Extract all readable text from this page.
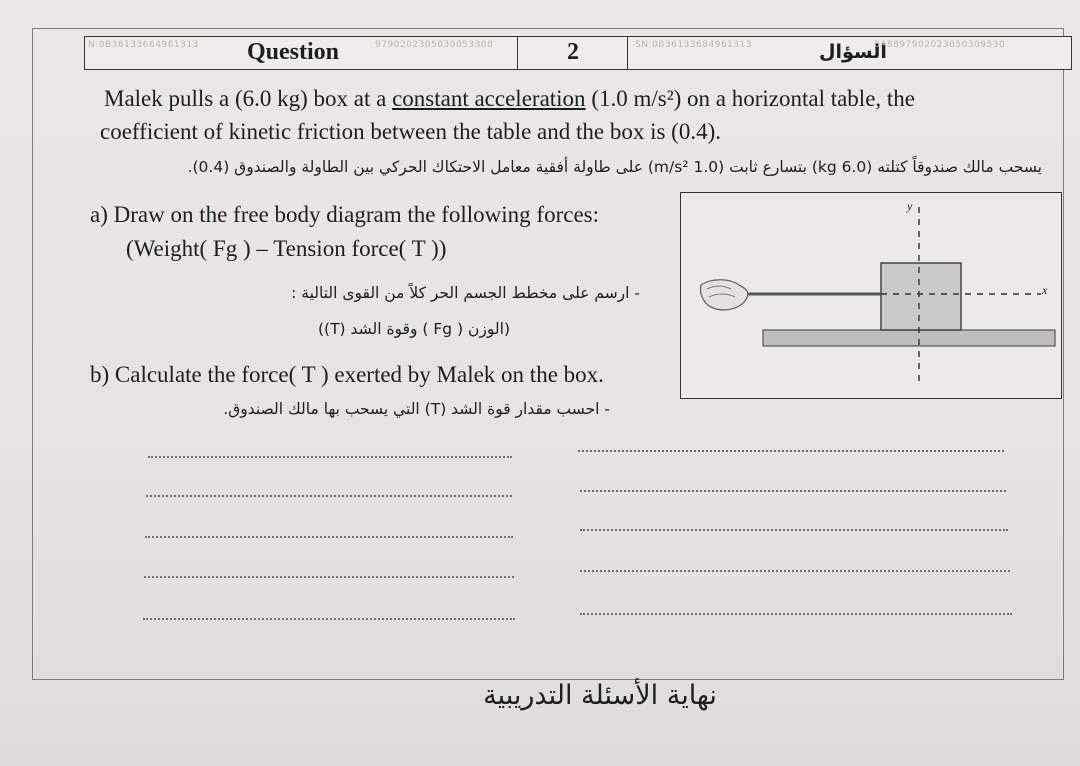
N:0B36133664961313	9790202305030053308
Question	2	SN:0B36133684961313	السؤال
6A8897902023050309530
Malek pulls a (6.0 kg) box at a constant acceleration (1.0 m/s²) on a horizontal table, the
coefficient of kinetic friction between the table and the box is (0.4).
يسحب مالك صندوقاً كتلته (6.0 kg) بتسارع ثابت (1.0 m/s²) على طاولة أفقية معامل الاحتكاك الحركي بين الطاولة والصندوق (0.4).
a) Draw on the free body diagram the following forces:
(Weight( Fg ) – Tension force( T ))
- ارسم على مخطط الجسم الحر كلاً من القوى التالية :
(الوزن ( Fg ) وقوة الشد (T))
b) Calculate the force( T ) exerted by Malek on the box.
- احسب مقدار قوة الشد (T) التي يسحب بها مالك الصندوق.
y
x
نهاية الأسئلة التدريبية
